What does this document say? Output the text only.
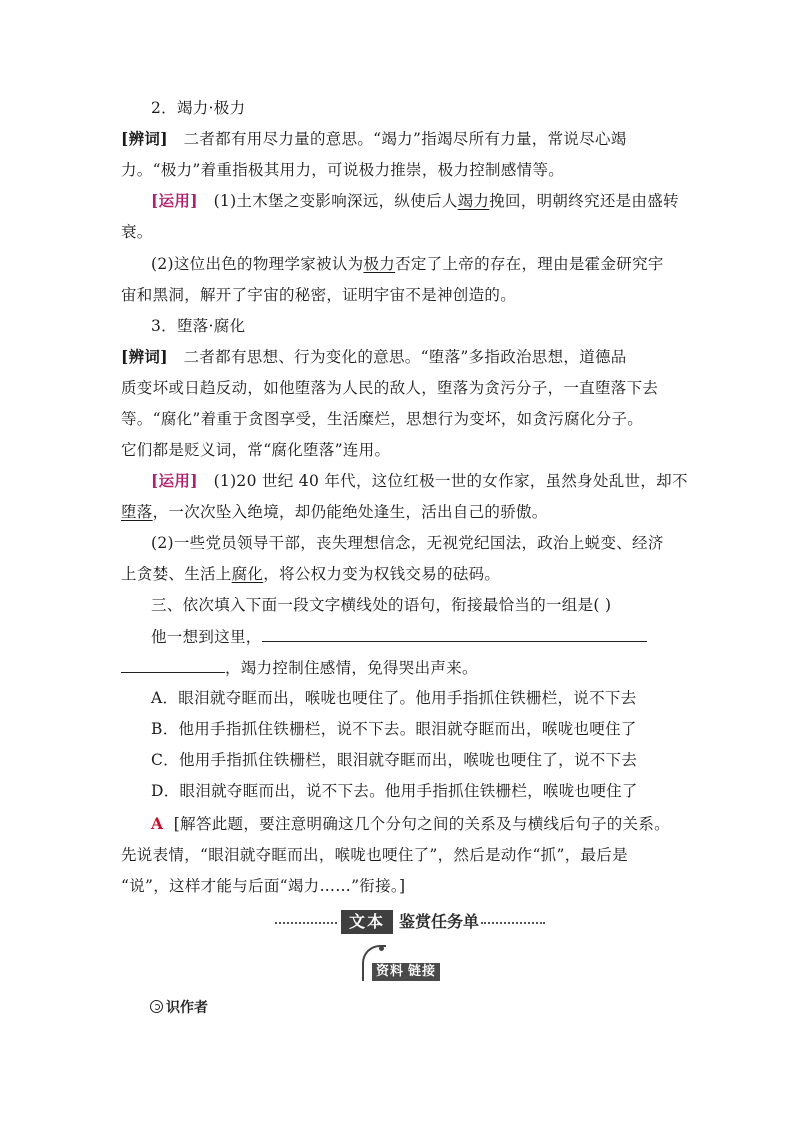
2．竭力·极力
[辨词] 二者都有用尽力量的意思。“竭力”指竭尽所有力量，常说尽心竭
力。“极力”着重指极其用力，可说极力推崇，极力控制感情等。
[运用] (1)土木堡之变影响深远，纵使后人竭力挽回，明朝终究还是由盛转
衰。
(2)这位出色的物理学家被认为极力否定了上帝的存在，理由是霍金研究宇
宙和黑洞，解开了宇宙的秘密，证明宇宙不是神创造的。
3．堕落·腐化
[辨词] 二者都有思想、行为变化的意思。“堕落”多指政治思想，道德品
质变坏或日趋反动，如他堕落为人民的敌人，堕落为贪污分子，一直堕落下去
等。“腐化”着重于贪图享受，生活糜烂，思想行为变坏，如贪污腐化分子。
它们都是贬义词，常“腐化堕落”连用。
[运用] (1)20 世纪 40 年代，这位红极一世的女作家，虽然身处乱世，却不
堕落，一次次坠入绝境，却仍能绝处逢生，活出自己的骄傲。
(2)一些党员领导干部，丧失理想信念，无视党纪国法，政治上蜕变、经济
上贪婪、生活上腐化，将公权力变为权钱交易的砝码。
三、依次填入下面一段文字横线处的语句，衔接最恰当的一组是( )
他一想到这里，
，竭力控制住感情，免得哭出声来。
A．眼泪就夺眶而出，喉咙也哽住了。他用手指抓住铁栅栏，说不下去
B．他用手指抓住铁栅栏，说不下去。眼泪就夺眶而出，喉咙也哽住了
C．他用手指抓住铁栅栏，眼泪就夺眶而出，喉咙也哽住了，说不下去
D．眼泪就夺眶而出，说不下去。他用手指抓住铁栅栏，喉咙也哽住了
A [解答此题，要注意明确这几个分句之间的关系及与横线后句子的关系。
先说表情，“眼泪就夺眶而出，喉咙也哽住了”，然后是动作“抓”，最后是
“说”，这样才能与后面“竭力……”衔接。]
文本 鉴赏任务单
资料 链接
识作者
